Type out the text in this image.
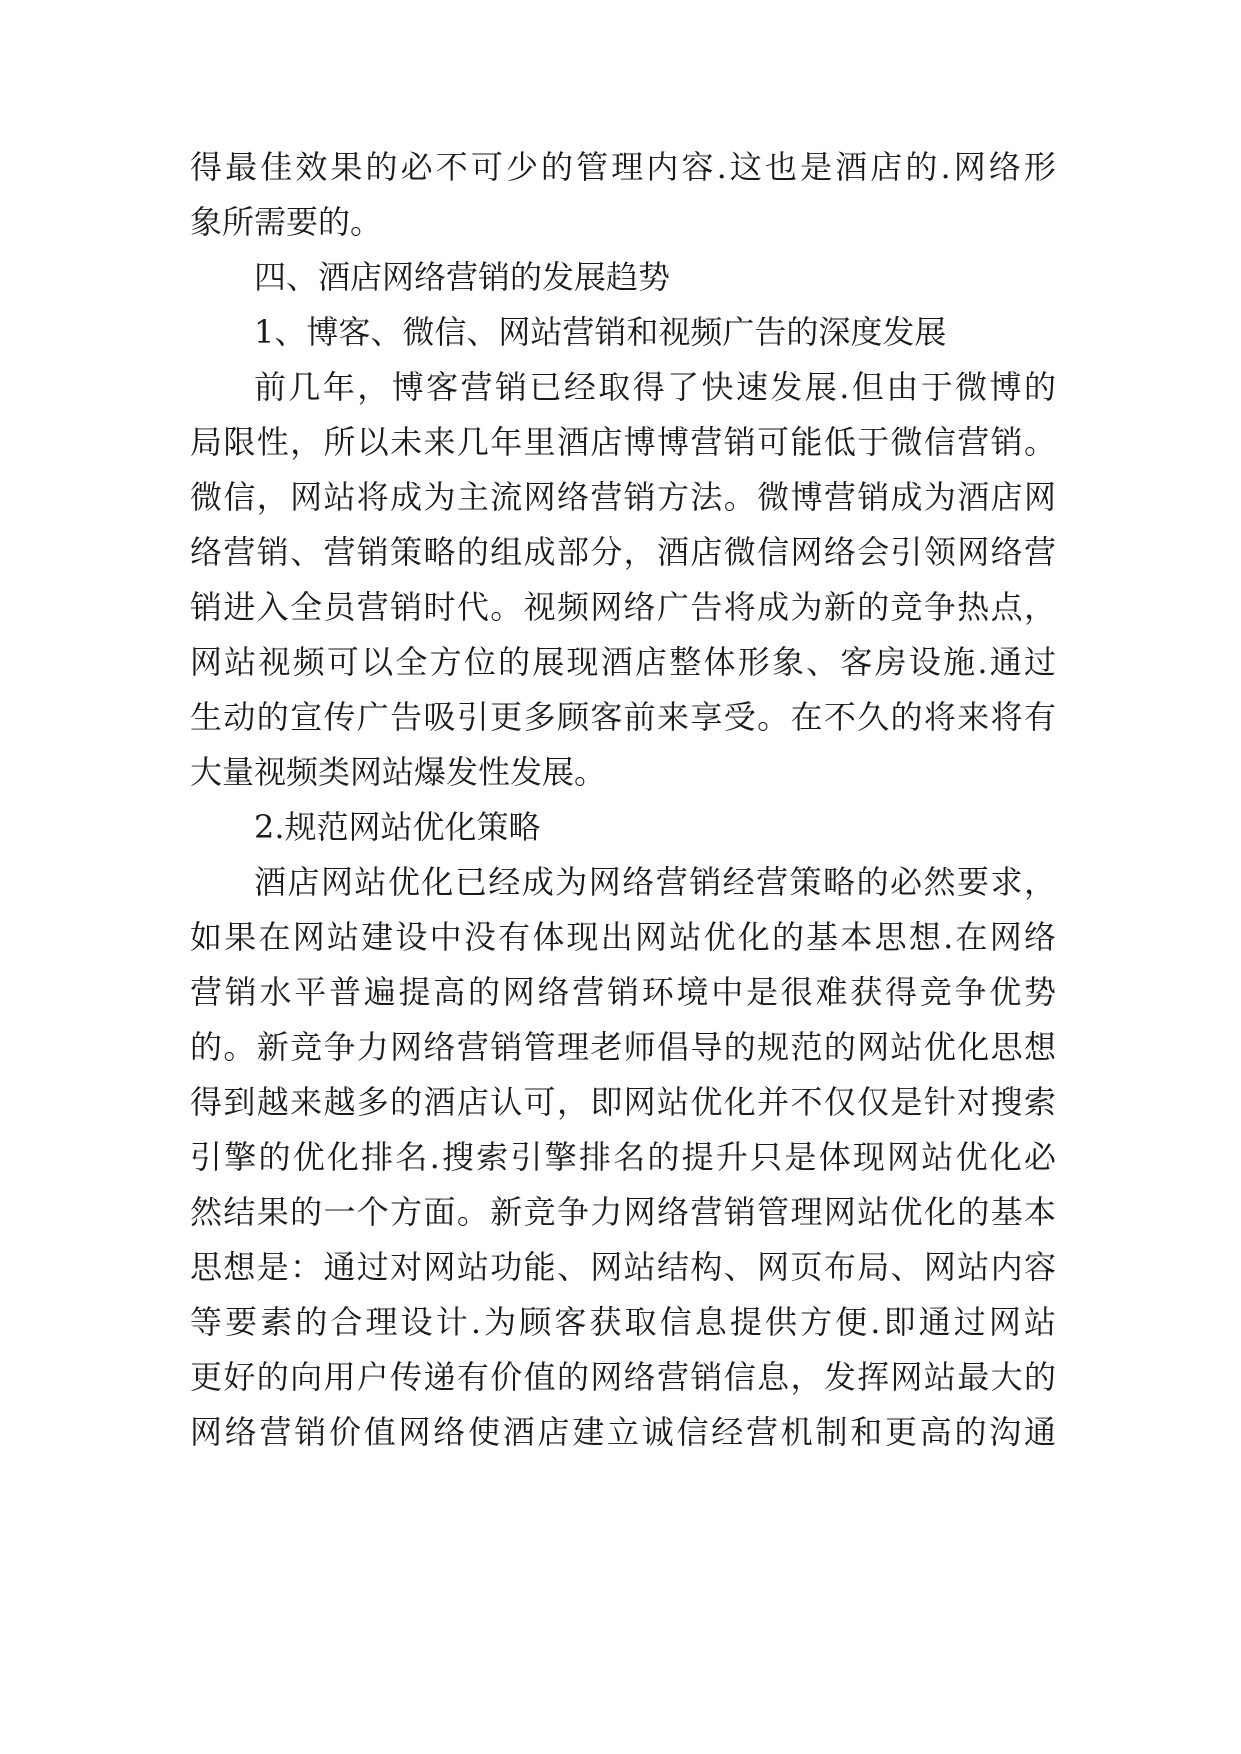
得最佳效果的必不可少的管理内容.这也是酒店的.网络形
象所需要的。
四、酒店网络营销的发展趋势
1、博客、微信、网站营销和视频广告的深度发展
前几年，博客营销已经取得了快速发展.但由于微博的
局限性，所以未来几年里酒店博博营销可能低于微信营销。
微信，网站将成为主流网络营销方法。微博营销成为酒店网
络营销、营销策略的组成部分，酒店微信网络会引领网络营
销进入全员营销时代。视频网络广告将成为新的竞争热点，
网站视频可以全方位的展现酒店整体形象、客房设施.通过
生动的宣传广告吸引更多顾客前来享受。在不久的将来将有
大量视频类网站爆发性发展。
2.规范网站优化策略
酒店网站优化已经成为网络营销经营策略的必然要求，
如果在网站建设中没有体现出网站优化的基本思想.在网络
营销水平普遍提高的网络营销环境中是很难获得竞争优势
的。新竞争力网络营销管理老师倡导的规范的网站优化思想
得到越来越多的酒店认可，即网站优化并不仅仅是针对搜索
引擎的优化排名.搜索引擎排名的提升只是体现网站优化必
然结果的一个方面。新竞争力网络营销管理网站优化的基本
思想是：通过对网站功能、网站结构、网页布局、网站内容
等要素的合理设计.为顾客获取信息提供方便.即通过网站
更好的向用户传递有价值的网络营销信息，发挥网站最大的
网络营销价值网络使酒店建立诚信经营机制和更高的沟通
